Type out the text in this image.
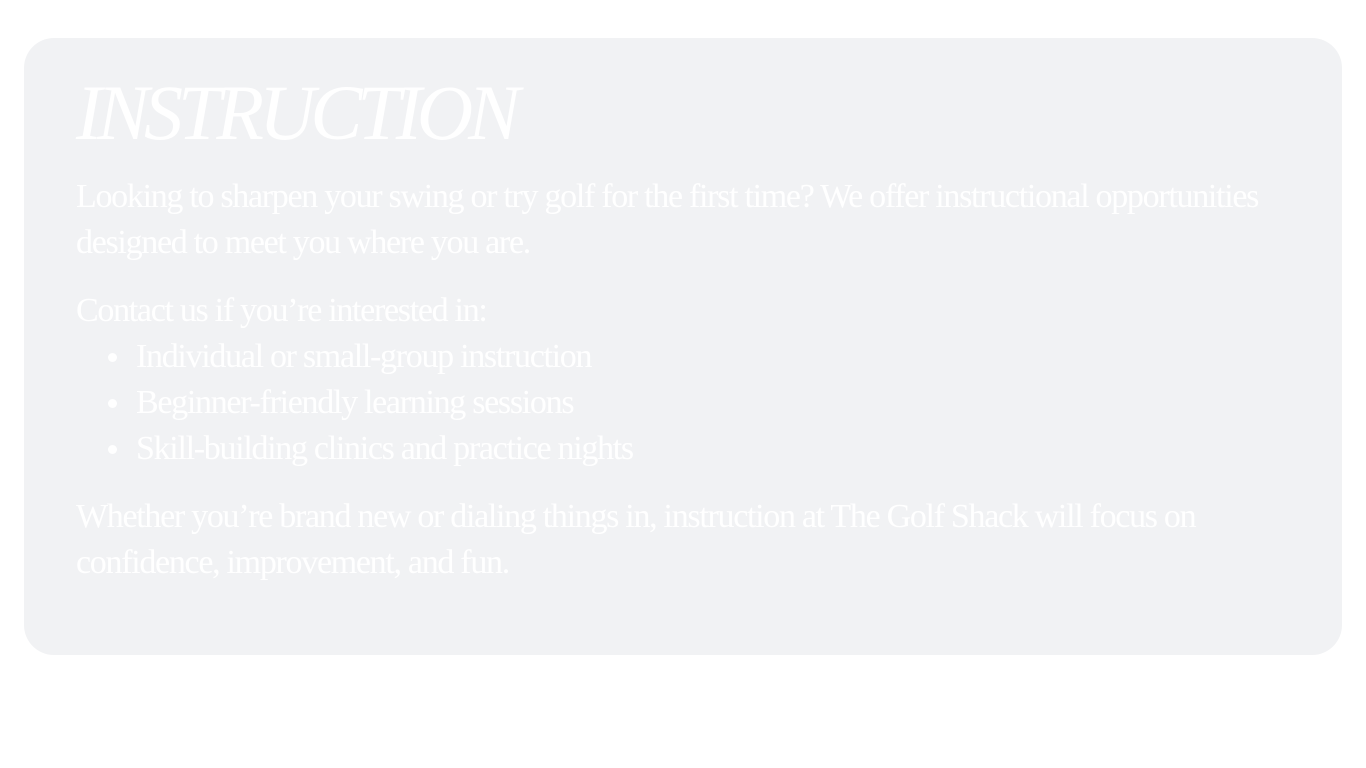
INSTRUCTION

Looking to sharpen your swing or try golf for the first time? We offer instructional opportunities designed to meet you where you are.

Contact us if you’re interested in:

Individual or small-group instruction
Beginner-friendly learning sessions
Skill-building clinics and practice nights

Whether you’re brand new or dialing things in, instruction at The Golf Shack will focus on confidence, improvement, and fun.
